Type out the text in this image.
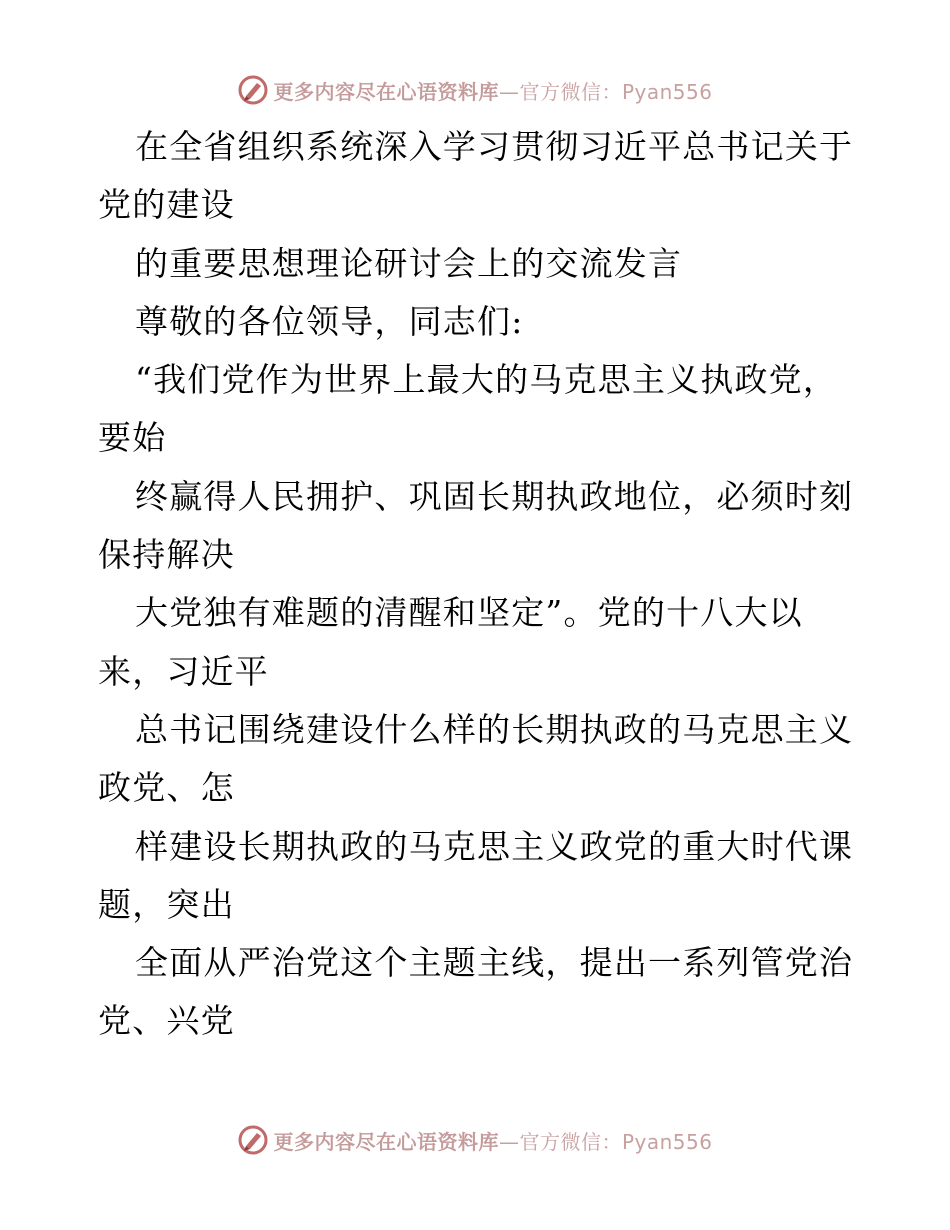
更多内容尽在心语资料库—官方微信：Pyan556
在全省组织系统深入学习贯彻习近平总书记关于
党的建设
的重要思想理论研讨会上的交流发言
尊敬的各位领导，同志们:
“我们党作为世界上最大的马克思主义执政党，
要始
终赢得人民拥护、巩固长期执政地位，必须时刻
保持解决
大党独有难题的清醒和坚定”。党的十八大以
来，习近平
总书记围绕建设什么样的长期执政的马克思主义
政党、怎
样建设长期执政的马克思主义政党的重大时代课
题，突出
全面从严治党这个主题主线，提出一系列管党治
党、兴党
更多内容尽在心语资料库—官方微信：Pyan556
